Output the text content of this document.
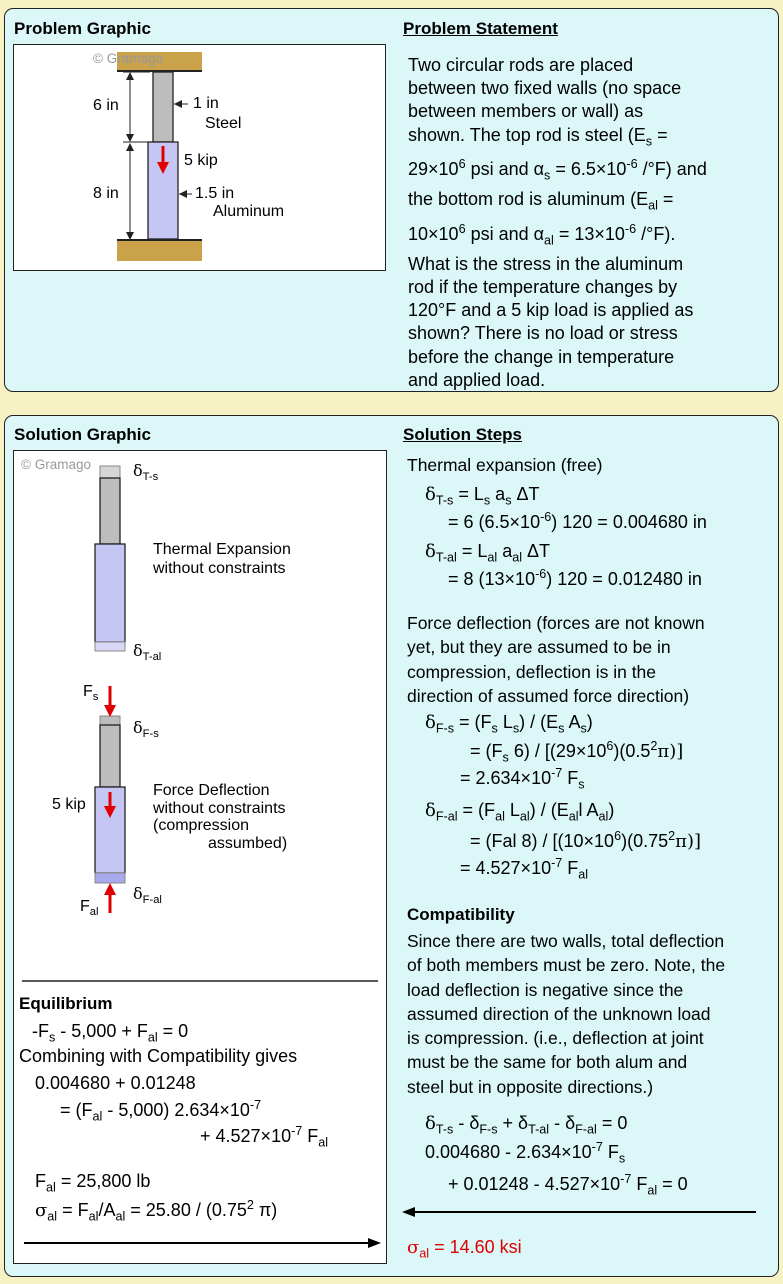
Problem Graphic	Problem Statement
© Gramago
6 in	1 in
Steel
5 kip
8 in	1.5 in
Aluminum
Two circular rods are placed
between two fixed walls (no space
between members or wall) as
shown. The top rod is steel ($E_s$ =
$29\times 10^6$ psi and $\alpha_s = 6.5\times 10^{-6}$ /°F) and
the bottom rod is aluminum ($E_{al}$ =
$10\times 10^6$ psi and $\alpha_{al} = 13\times 10^{-6}$ /°F).
What is the stress in the aluminum
rod if the temperature changes by
120°F and a 5 kip load is applied as
shown? There is no load or stress
before the change in temperature
and applied load.
Solution Graphic	Solution Steps
© Gramago	$\delta_{T-s}$
Thermal Expansion
without constraints
$\delta_{T-al}$
$F_s$
$\delta_{F-s}$
Force Deflection
without constraints
(compression
assumbed)
5 kip
$\delta_{F-al}$
$F_{al}$
Equilibrium
$-F_s - 5,000 + F_{al} = 0$
Combining with Compatibility gives
0.004680 + 0.01248
= $(F_{al} - 5,000)$ $2.634\times 10^{-7}$
+ $4.527\times 10^{-7}$ $F_{al}$
$F_{al} = 25,800$ lb
$\sigma_{al} = F_{al}/A_{al} = 25.80 / (0.75^2$ π)
Thermal expansion (free)
$\delta_{T-s} = L_s$ $a_s$ ΔT
= 6 $(6.5\times 10^{-6}) 120 = 0.004680$ in
$\delta_{T-al} = L_{al}$ $a_{al}$ ΔT
= 8 $(13\times 10^{-6}) 120 = 0.012480$ in
Force deflection (forces are not known
yet, but they are assumed to be in
compression, deflection is in the
direction of assumed force direction)
$\delta_{F-s} = (F_s$ $L_s) / (E_s$ $A_s$)
= ($F_s$ $6) / [(29\times 10^6)(0.5^2\pi)]$
= $2.634\times 10^{-7}$ $F_s$
$\delta_{F-al} = (F_{al}$ $L_{al}) / (E_{al}l$ $A_{al}$)
= (Fal $8) / [(10\times 10^6)(0.75^2\pi)]$
= $4.527\times 10^{-7}$ $F_{al}$
Compatibility
Since there are two walls, total deflection
of both members must be zero. Note, the
load deflection is negative since the
assumed direction of the unknown load
is compression. (i.e., deflection at joint
must be the same for both alum and
steel but in opposite directions.)
$\delta_{T-s} - \delta_{F-s} + \delta_{T-al} - \delta_{F-al} = 0$
$0.004680 - 2.634\times 10^{-7}$ $F_s$
+ $0.01248 - 4.527\times 10^{-7}$ $F_{al} = 0$
$\sigma_{al} = 14.60$ ksi
